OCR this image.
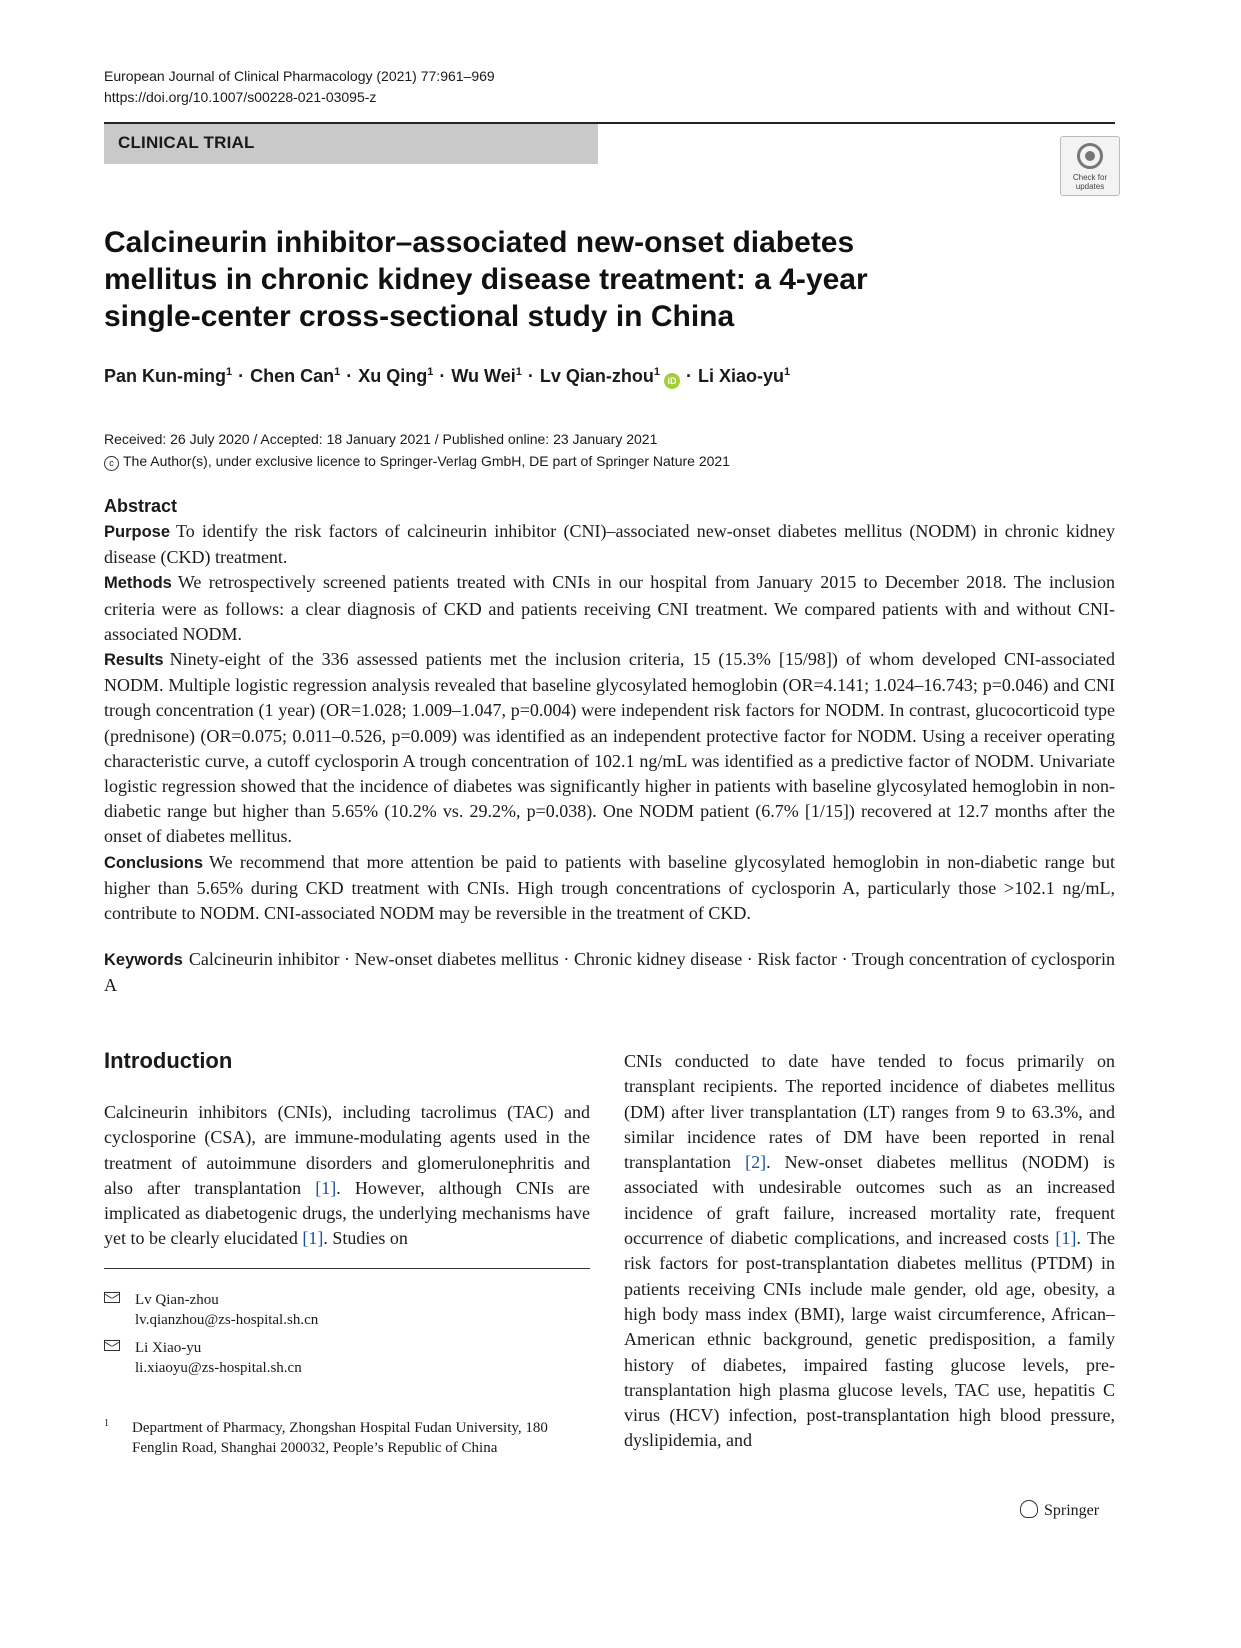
European Journal of Clinical Pharmacology (2021) 77:961–969
https://doi.org/10.1007/s00228-021-03095-z
CLINICAL TRIAL
Check for
updates
Calcineurin inhibitor–associated new-onset diabetes mellitus in chronic kidney disease treatment: a 4-year single-center cross-sectional study in China
Pan Kun-ming$^1$ · Chen Can$^1$ · Xu Qing$^1$ · Wu Wei$^1$ · Lv Qian-zhou$^1$iD · Li Xiao-$yu^1$
Received: 26 July 2020 / Accepted: 18 January 2021 / Published online: 23 January 2021
c The Author(s), under exclusive licence to Springer-Verlag GmbH, DE part of Springer Nature 2021
Abstract

Purpose To identify the risk factors of calcineurin inhibitor (CNI)–associated new-onset diabetes mellitus (NODM) in chronic kidney disease (CKD) treatment.

Methods We retrospectively screened patients treated with CNIs in our hospital from January 2015 to December 2018. The inclusion criteria were as follows: a clear diagnosis of CKD and patients receiving CNI treatment. We compared patients with and without CNI-associated NODM.

Results Ninety-eight of the 336 assessed patients met the inclusion criteria, 15 (15.3% [15/98]) of whom developed CNI-associated NODM. Multiple logistic regression analysis revealed that baseline glycosylated hemoglobin (OR=4.141; 1.024–16.743; p=0.046) and CNI trough concentration (1 year) (OR=1.028; 1.009–1.047, p=0.004) were independent risk factors for NODM. In contrast, glucocorticoid type (prednisone) (OR=0.075; 0.011–0.526, p=0.009) was identified as an independent protective factor for NODM. Using a receiver operating characteristic curve, a cutoff cyclosporin A trough concentration of 102.1 ng/mL was identified as a predictive factor of NODM. Univariate logistic regression showed that the incidence of diabetes was significantly higher in patients with baseline glycosylated hemoglobin in non-diabetic range but higher than 5.65% (10.2% vs. 29.2%, p=0.038). One NODM patient (6.7% [1/15]) recovered at 12.7 months after the onset of diabetes mellitus.

Conclusions We recommend that more attention be paid to patients with baseline glycosylated hemoglobin in non-diabetic range but higher than 5.65% during CKD treatment with CNIs. High trough concentrations of cyclosporin A, particularly those >102.1 ng/mL, contribute to NODM. CNI-associated NODM may be reversible in the treatment of CKD.

Keywords Calcineurin inhibitor · New-onset diabetes mellitus · Chronic kidney disease · Risk factor · Trough concentration of cyclosporin A
Introduction

Calcineurin inhibitors (CNIs), including tacrolimus (TAC) and cyclosporine (CSA), are immune-modulating agents used in the treatment of autoimmune disorders and glomerulonephritis and also after transplantation [1]. However, although CNIs are implicated as diabetogenic drugs, the underlying mechanisms have yet to be clearly elucidated [1]. Studies on

CNIs conducted to date have tended to focus primarily on transplant recipients. The reported incidence of diabetes mellitus (DM) after liver transplantation (LT) ranges from 9 to 63.3%, and similar incidence rates of DM have been reported in renal transplantation [2]. New-onset diabetes mellitus (NODM) is associated with undesirable outcomes such as an increased incidence of graft failure, increased mortality rate, frequent occurrence of diabetic complications, and increased costs [1]. The risk factors for post-transplantation diabetes mellitus (PTDM) in patients receiving CNIs include male gender, old age, obesity, a high body mass index (BMI), large waist circumference, African–American ethnic background, genetic predisposition, a family history of diabetes, impaired fasting glucose levels, pre-transplantation high plasma glucose levels, TAC use, hepatitis C virus (HCV) infection, post-transplantation high blood pressure, dyslipidemia, and

Lv Qian-zhou
lv.qianzhou@zs-hospital.sh.cn
Li Xiao-yu
li.xiaoyu@zs-hospital.sh.cn
1 Department of Pharmacy, Zhongshan Hospital Fudan University, 180 Fenglin Road, Shanghai 200032, People’s Republic of China
Springer
